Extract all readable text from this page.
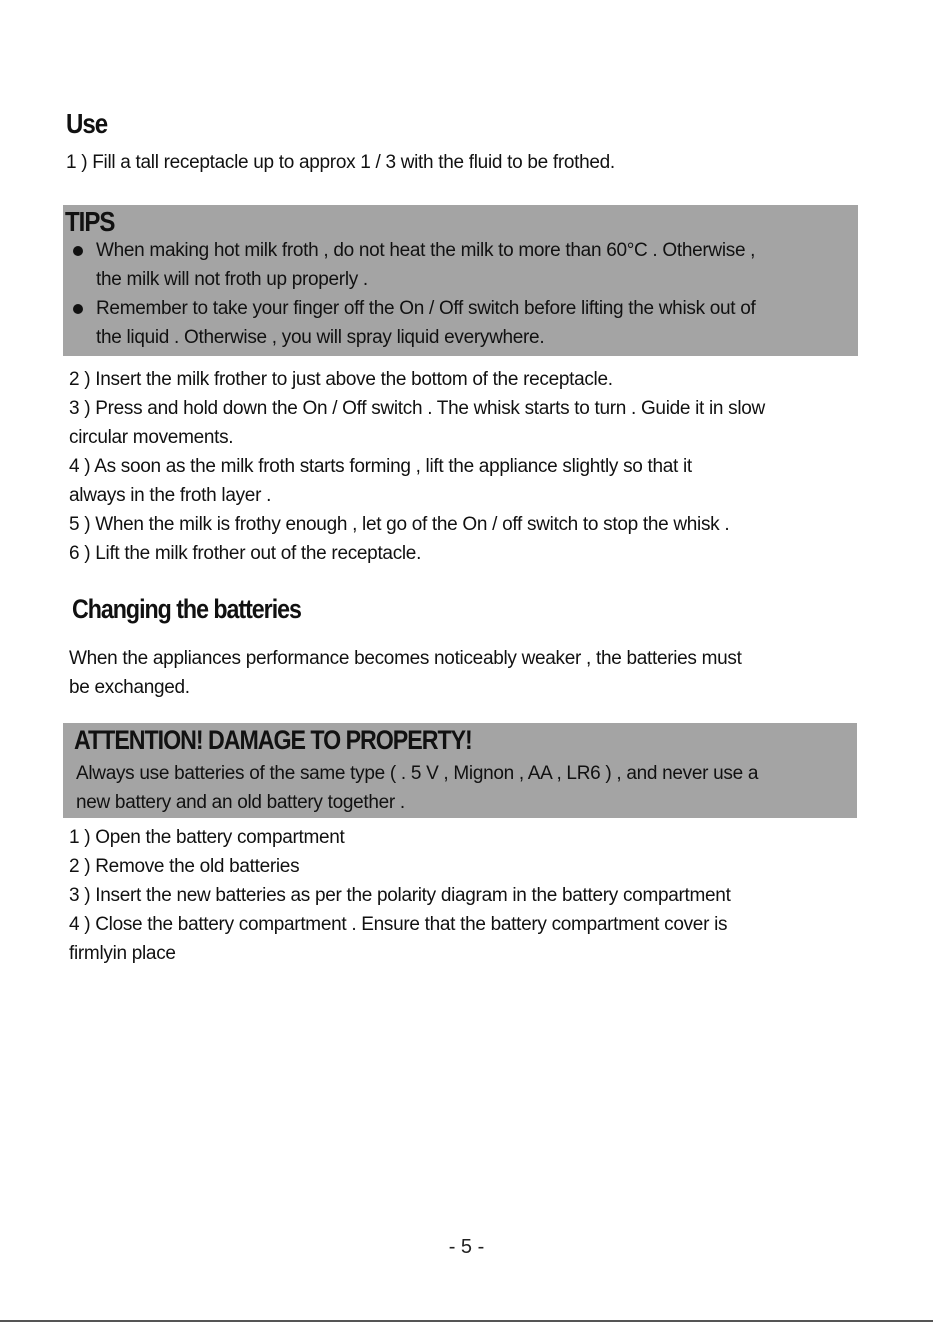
Use

1 ) Fill a tall receptacle up to approx 1 / 3 with the fluid to be frothed.

TIPS

When making hot milk froth , do not heat the milk to more than 60°C . Otherwise ,

the milk will not froth up properly .

Remember to take your finger off the On / Off switch before lifting the whisk out of

the liquid . Otherwise , you will spray liquid everywhere.

2 ) Insert the milk frother to just above the bottom of the receptacle.

3 ) Press and hold down the On / Off switch . The whisk starts to turn . Guide it in slow

circular movements.

4 ) As soon as the milk froth starts forming , lift the appliance slightly so that it

always in the froth layer .

5 ) When the milk is frothy enough , let go of the On / off switch to stop the whisk .

6 ) Lift the milk frother out of the receptacle.

Changing the batteries

When the appliances performance becomes noticeably weaker , the batteries must

be exchanged.

ATTENTION! DAMAGE TO PROPERTY!

Always use batteries of the same type ( . 5 V , Mignon , AA , LR6 ) , and never use a

new battery and an old battery together .

1 ) Open the battery compartment

2 ) Remove the old batteries

3 ) Insert the new batteries as per the polarity diagram in the battery compartment

4 ) Close the battery compartment . Ensure that the battery compartment cover is

firmlyin place

- 5 -
